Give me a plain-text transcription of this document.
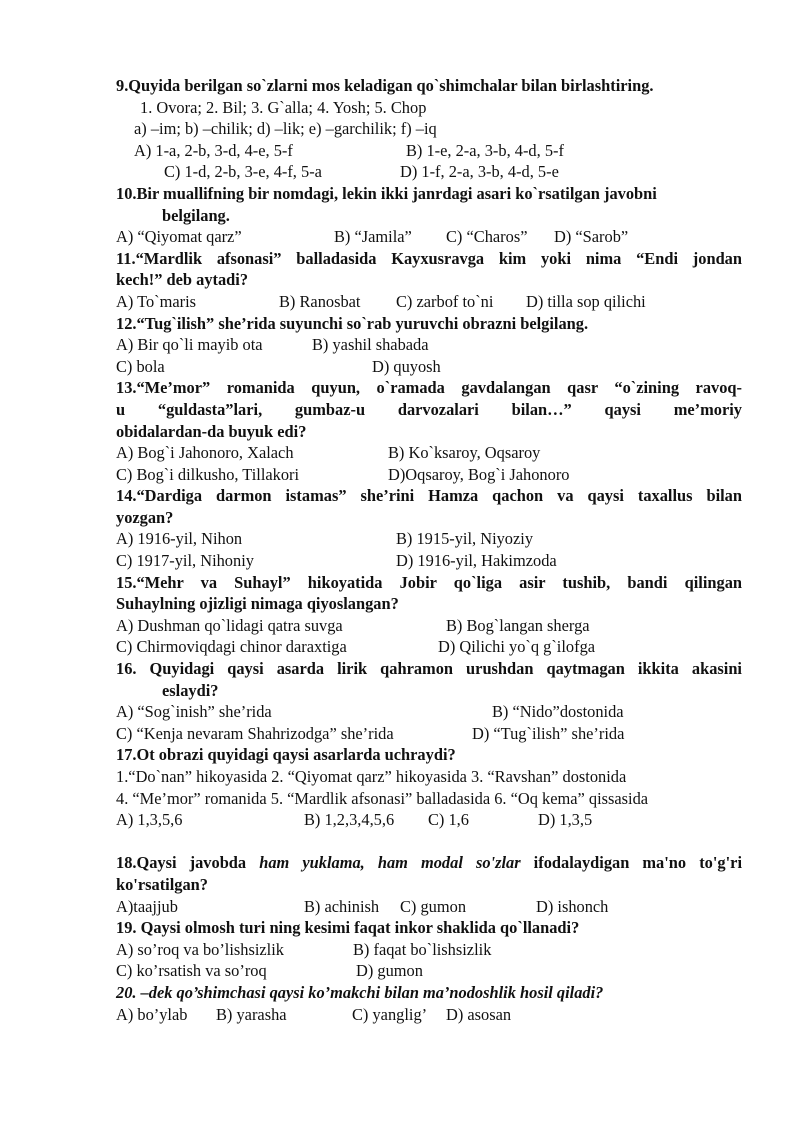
9.Quyida berilgan so`zlarni mos keladigan qo`shimchalar bilan birlashtiring.
1. Ovora; 2. Bil; 3. G`alla; 4. Yosh; 5. Chop
a) –im; b) –chilik; d) –lik; e) –garchilik; f) –iq
A) 1-a, 2-b, 3-d, 4-e, 5-f	B) 1-e, 2-a, 3-b, 4-d, 5-f
C) 1-d, 2-b, 3-e, 4-f, 5-a	D) 1-f, 2-a, 3-b, 4-d, 5-e
10.Bir muallifning bir nomdagi, lekin ikki janrdagi asari ko`rsatilgan javobni
belgilang.
A) “Qiyomat qarz”	B) “Jamila” C) “Charos” D) “Sarob”
11.“Mardlik afsonasi” balladasida Kayxusravga kim yoki nima “Endi jondan
kech!” deb aytadi?
A) To`maris	B) Ranosbat C) zarbof to`ni D) tilla sop qilichi
12.“Tug`ilish” she’rida suyunchi so`rab yuruvchi obrazni belgilang.
A) Bir qo`li mayib ota	B) yashil shabada
C) bola	D) quyosh
13.“Me’mor” romanida quyun, o`ramada gavdalangan qasr “o`zining ravoq-
u “guldasta”lari, gumbaz-u darvozalari bilan…” qaysi me’moriy
obidalardan-da buyuk edi?
A) Bog`i Jahonoro, Xalach	B) Ko`ksaroy, Oqsaroy
C) Bog`i dilkusho, Tillakori	D)Oqsaroy, Bog`i Jahonoro
14.“Dardiga darmon istamas” she’rini Hamza qachon va qaysi taxallus bilan
yozgan?
A) 1916-yil, Nihon	B) 1915-yil, Niyoziy
C) 1917-yil, Nihoniy	D) 1916-yil, Hakimzoda
15.“Mehr va Suhayl” hikoyatida Jobir qo`liga asir tushib, bandi qilingan
Suhaylning ojizligi nimaga qiyoslangan?
A) Dushman qo`lidagi qatra suvga	B) Bog`langan sherga
C) Chirmoviqdagi chinor daraxtiga	D) Qilichi yo`q g`ilofga
16. Quyidagi qaysi asarda lirik qahramon urushdan qaytmagan ikkita akasini
eslaydi?
A) “Sog`inish” she’rida	B) “Nido”dostonida
C) “Kenja nevaram Shahrizodga” she’rida	D) “Tug`ilish” she’rida
17.Ot obrazi quyidagi qaysi asarlarda uchraydi?
1.“Do`nan” hikoyasida 2. “Qiyomat qarz” hikoyasida 3. “Ravshan” dostonida
4. “Me’mor” romanida 5. “Mardlik afsonasi” balladasida 6. “Oq kema” qissasida
A) 1,3,5,6	B) 1,2,3,4,5,6 C) 1,6	D) 1,3,5
18.Qaysi javobda ham yuklama, ham modal so'zlar ifodalaydigan ma'no to'g'ri
ko'rsatilgan?
A)taajjub	B) achinish C) gumon	D) ishonch
19. Qaysi olmosh turi ning kesimi faqat inkor shaklida qo`llanadi?
A) so’roq va bo’lishsizlik	B) faqat bo`lishsizlik
C) ko’rsatish va so’roq	D) gumon
20. –dek qo’shimchasi qaysi ko’makchi bilan ma’nodoshlik hosil qiladi?
A) bo’ylab B) yarasha	C) yanglig’ D) asosan
